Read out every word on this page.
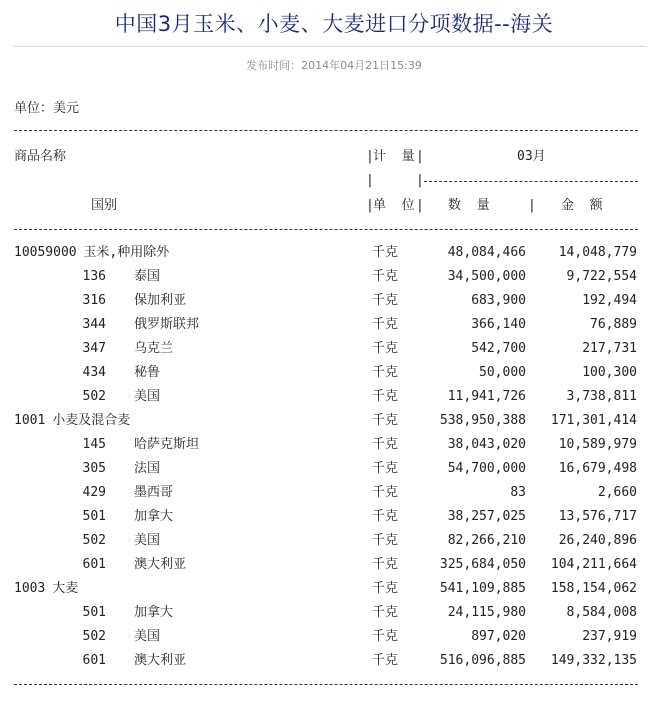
中国3月玉米、小麦、大麦进口分项数据--海关
发布时间：2014年04月21日15:39
单位：美元
商品名称	| 计  量 |	03月
|	|
国别	| 单  位 | 数  量	| 金  额
10059000 玉米,种用除外	千克	48,084,466	14,048,779
136 泰国	千克	34,500,000	9,722,554
316 保加利亚	千克	683,900	192,494
344 俄罗斯联邦	千克	366,140	76,889
347 乌克兰	千克	542,700	217,731
434 秘鲁	千克	50,000	100,300
502 美国	千克	11,941,726	3,738,811
1001 小麦及混合麦	千克	538,950,388	171,301,414
145 哈萨克斯坦	千克	38,043,020	10,589,979
305 法国	千克	54,700,000	16,679,498
429 墨西哥	千克	83	2,660
501 加拿大	千克	38,257,025	13,576,717
502 美国	千克	82,266,210	26,240,896
601 澳大利亚	千克	325,684,050	104,211,664
1003 大麦	千克	541,109,885	158,154,062
501 加拿大	千克	24,115,980	8,584,008
502 美国	千克	897,020	237,919
601 澳大利亚	千克	516,096,885	149,332,135
